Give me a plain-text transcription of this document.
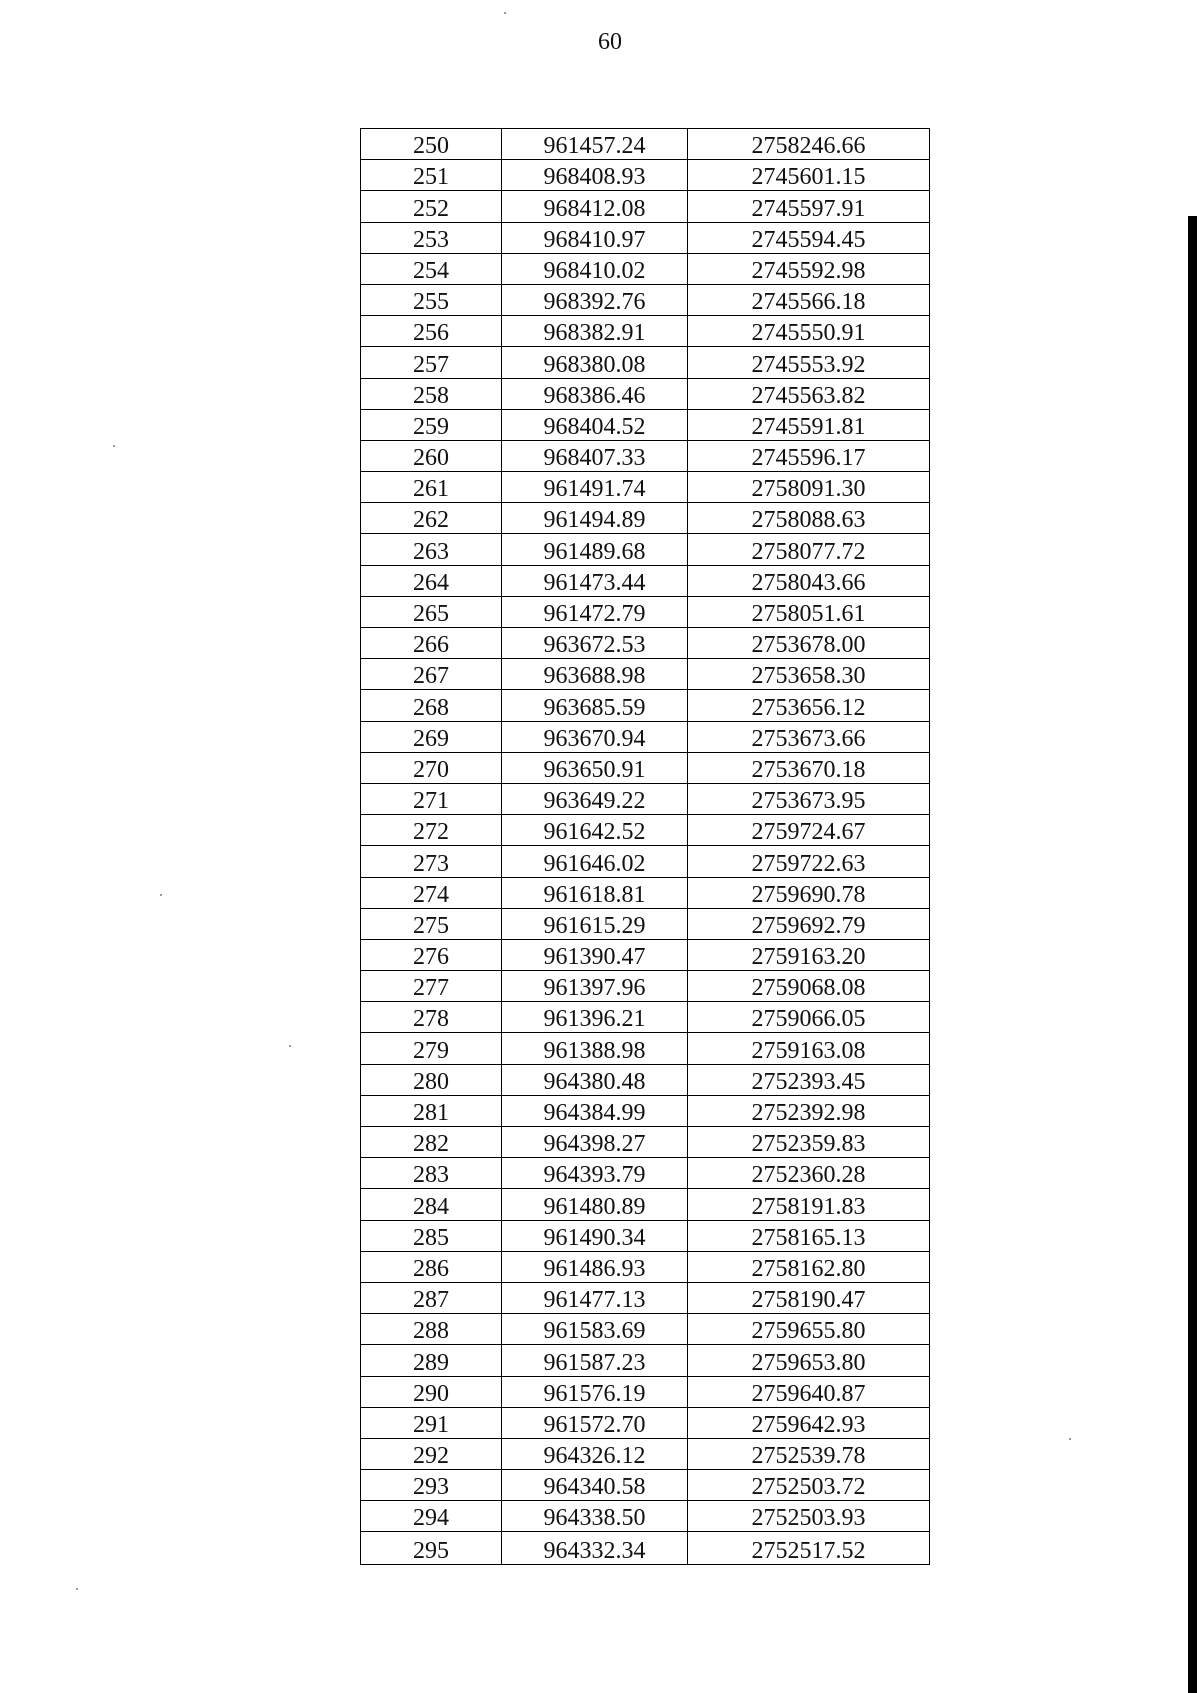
60
250	961457.24	2758246.66
251	968408.93	2745601.15
252	968412.08	2745597.91
253	968410.97	2745594.45
254	968410.02	2745592.98
255	968392.76	2745566.18
256	968382.91	2745550.91
257	968380.08	2745553.92
258	968386.46	2745563.82
259	968404.52	2745591.81
260	968407.33	2745596.17
261	961491.74	2758091.30
262	961494.89	2758088.63
263	961489.68	2758077.72
264	961473.44	2758043.66
265	961472.79	2758051.61
266	963672.53	2753678.00
267	963688.98	2753658.30
268	963685.59	2753656.12
269	963670.94	2753673.66
270	963650.91	2753670.18
271	963649.22	2753673.95
272	961642.52	2759724.67
273	961646.02	2759722.63
274	961618.81	2759690.78
275	961615.29	2759692.79
276	961390.47	2759163.20
277	961397.96	2759068.08
278	961396.21	2759066.05
279	961388.98	2759163.08
280	964380.48	2752393.45
281	964384.99	2752392.98
282	964398.27	2752359.83
283	964393.79	2752360.28
284	961480.89	2758191.83
285	961490.34	2758165.13
286	961486.93	2758162.80
287	961477.13	2758190.47
288	961583.69	2759655.80
289	961587.23	2759653.80
290	961576.19	2759640.87
291	961572.70	2759642.93
292	964326.12	2752539.78
293	964340.58	2752503.72
294	964338.50	2752503.93
295	964332.34	2752517.52
